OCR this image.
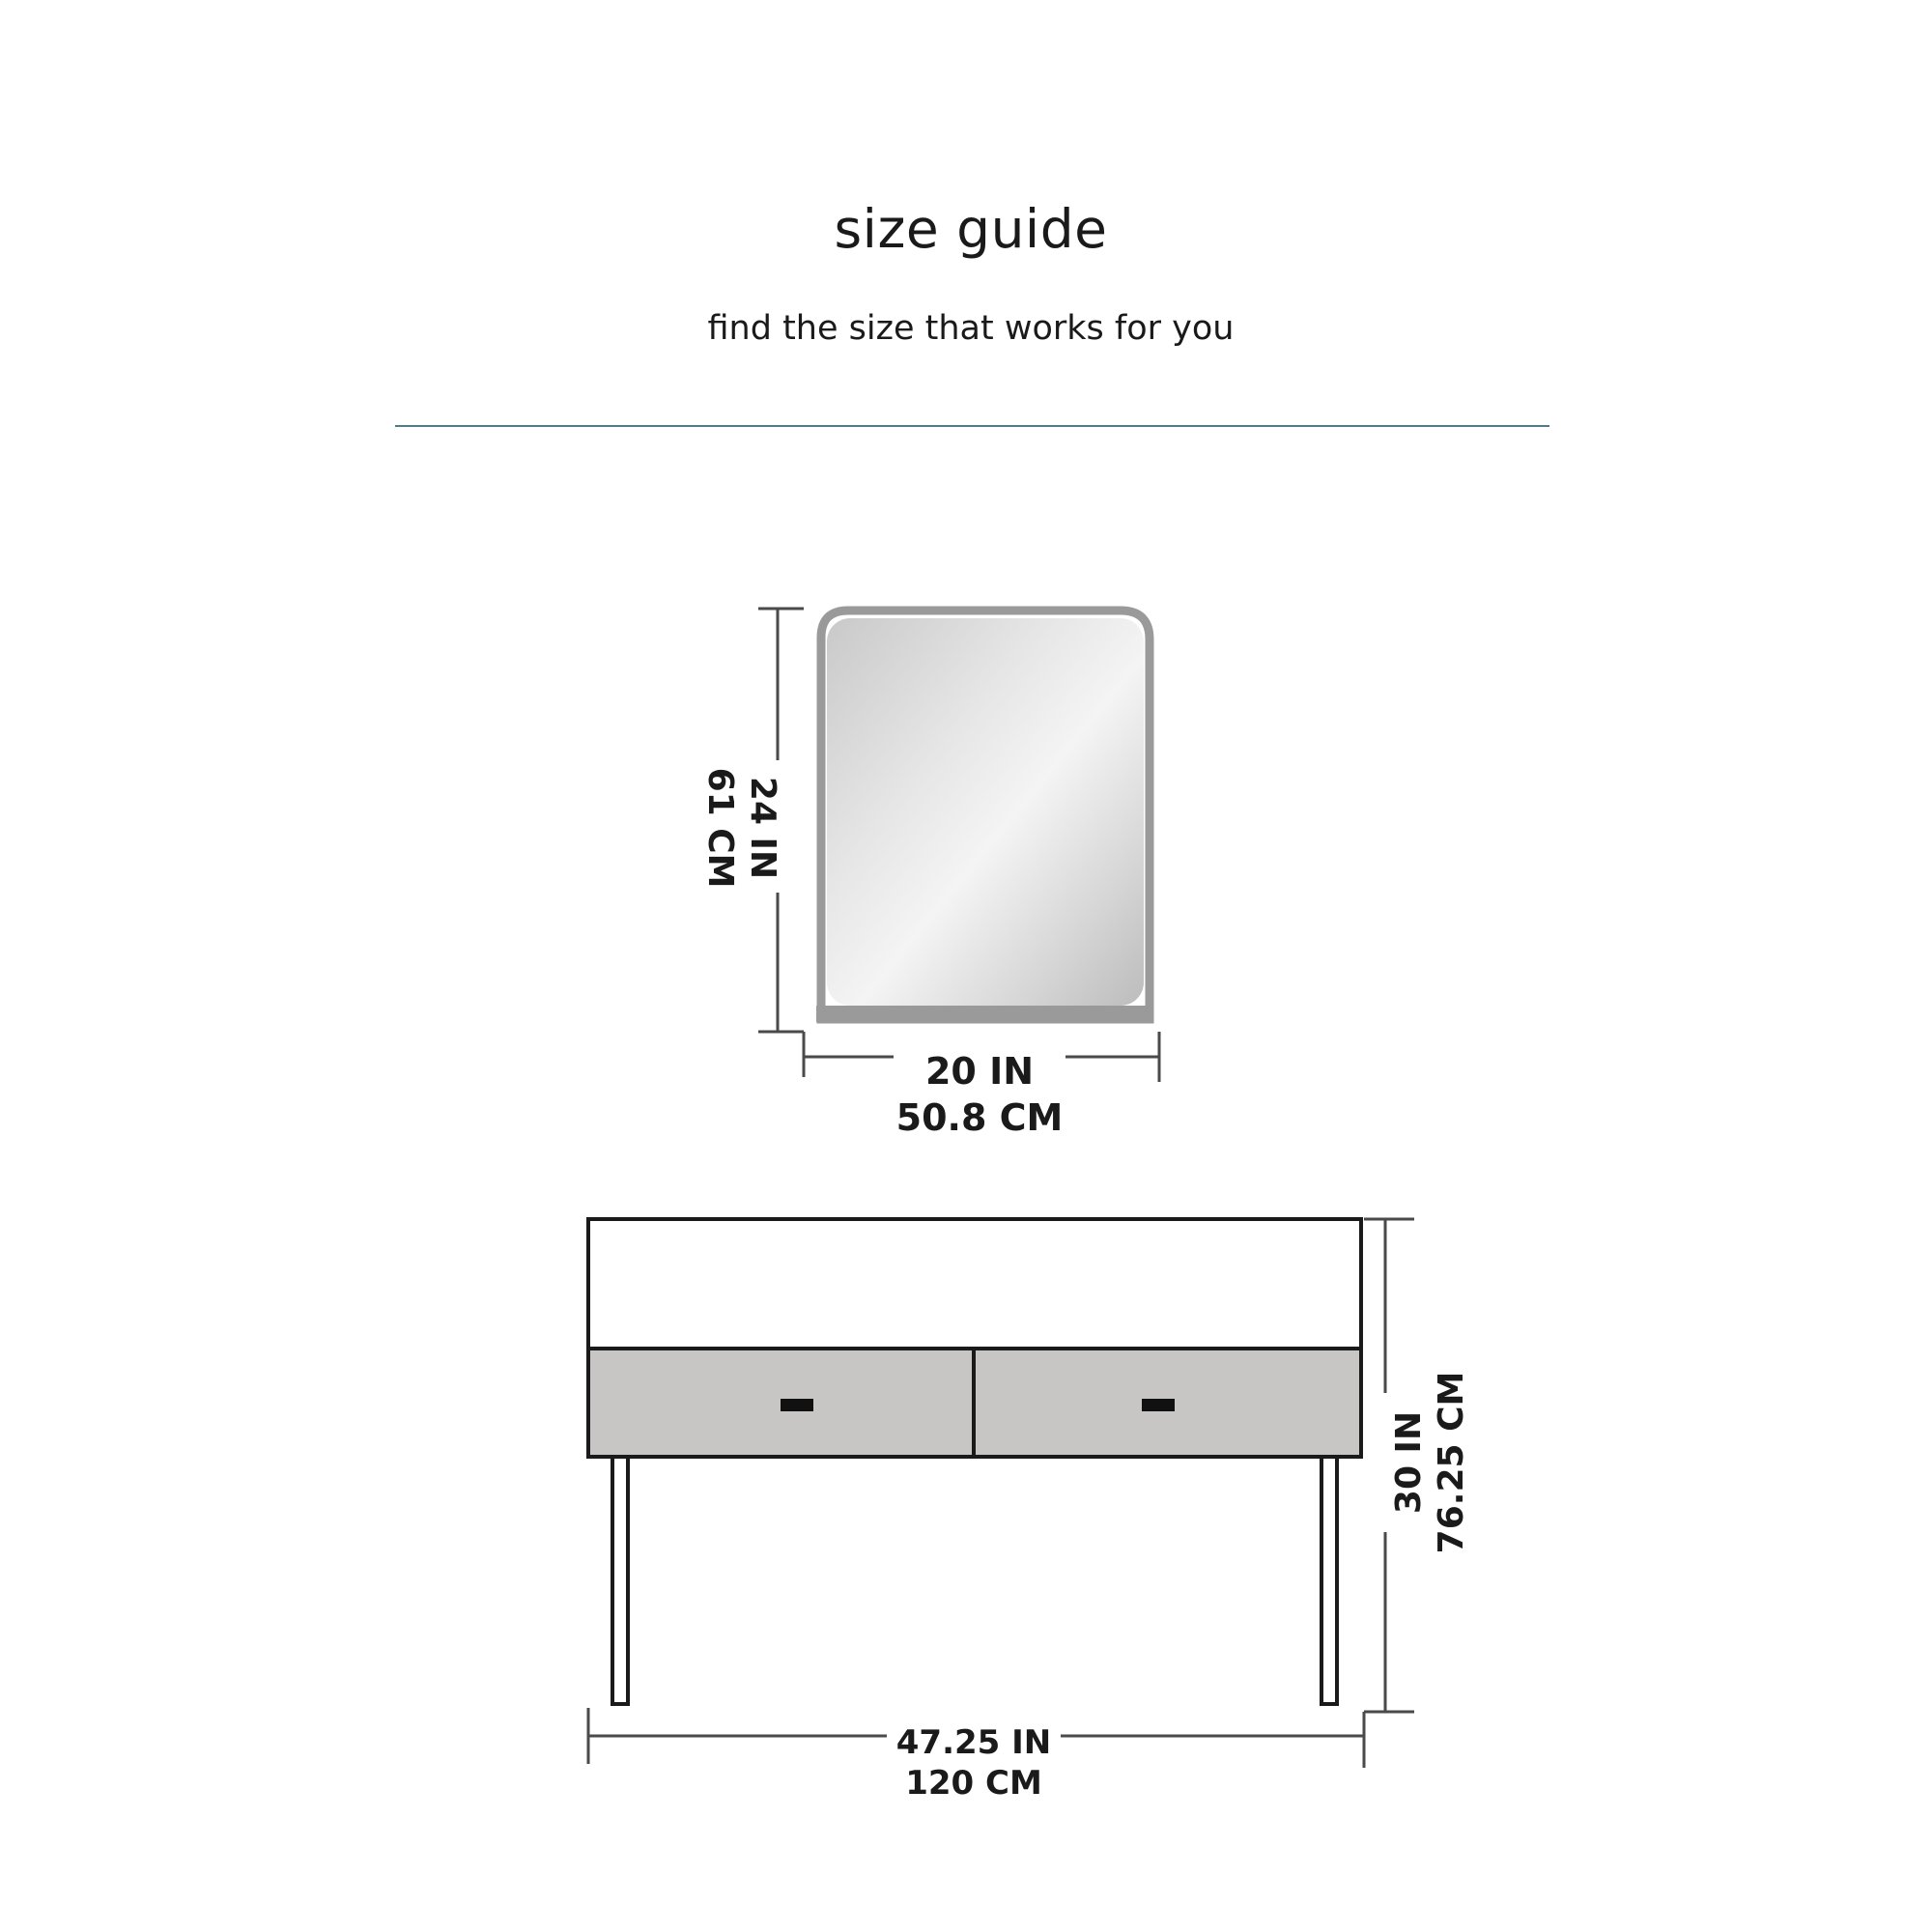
size guide
find the size that works for you
24 IN
61 CM
20 IN
50.8 CM
30 IN 76.25 CM
47.25 IN
120 CM
